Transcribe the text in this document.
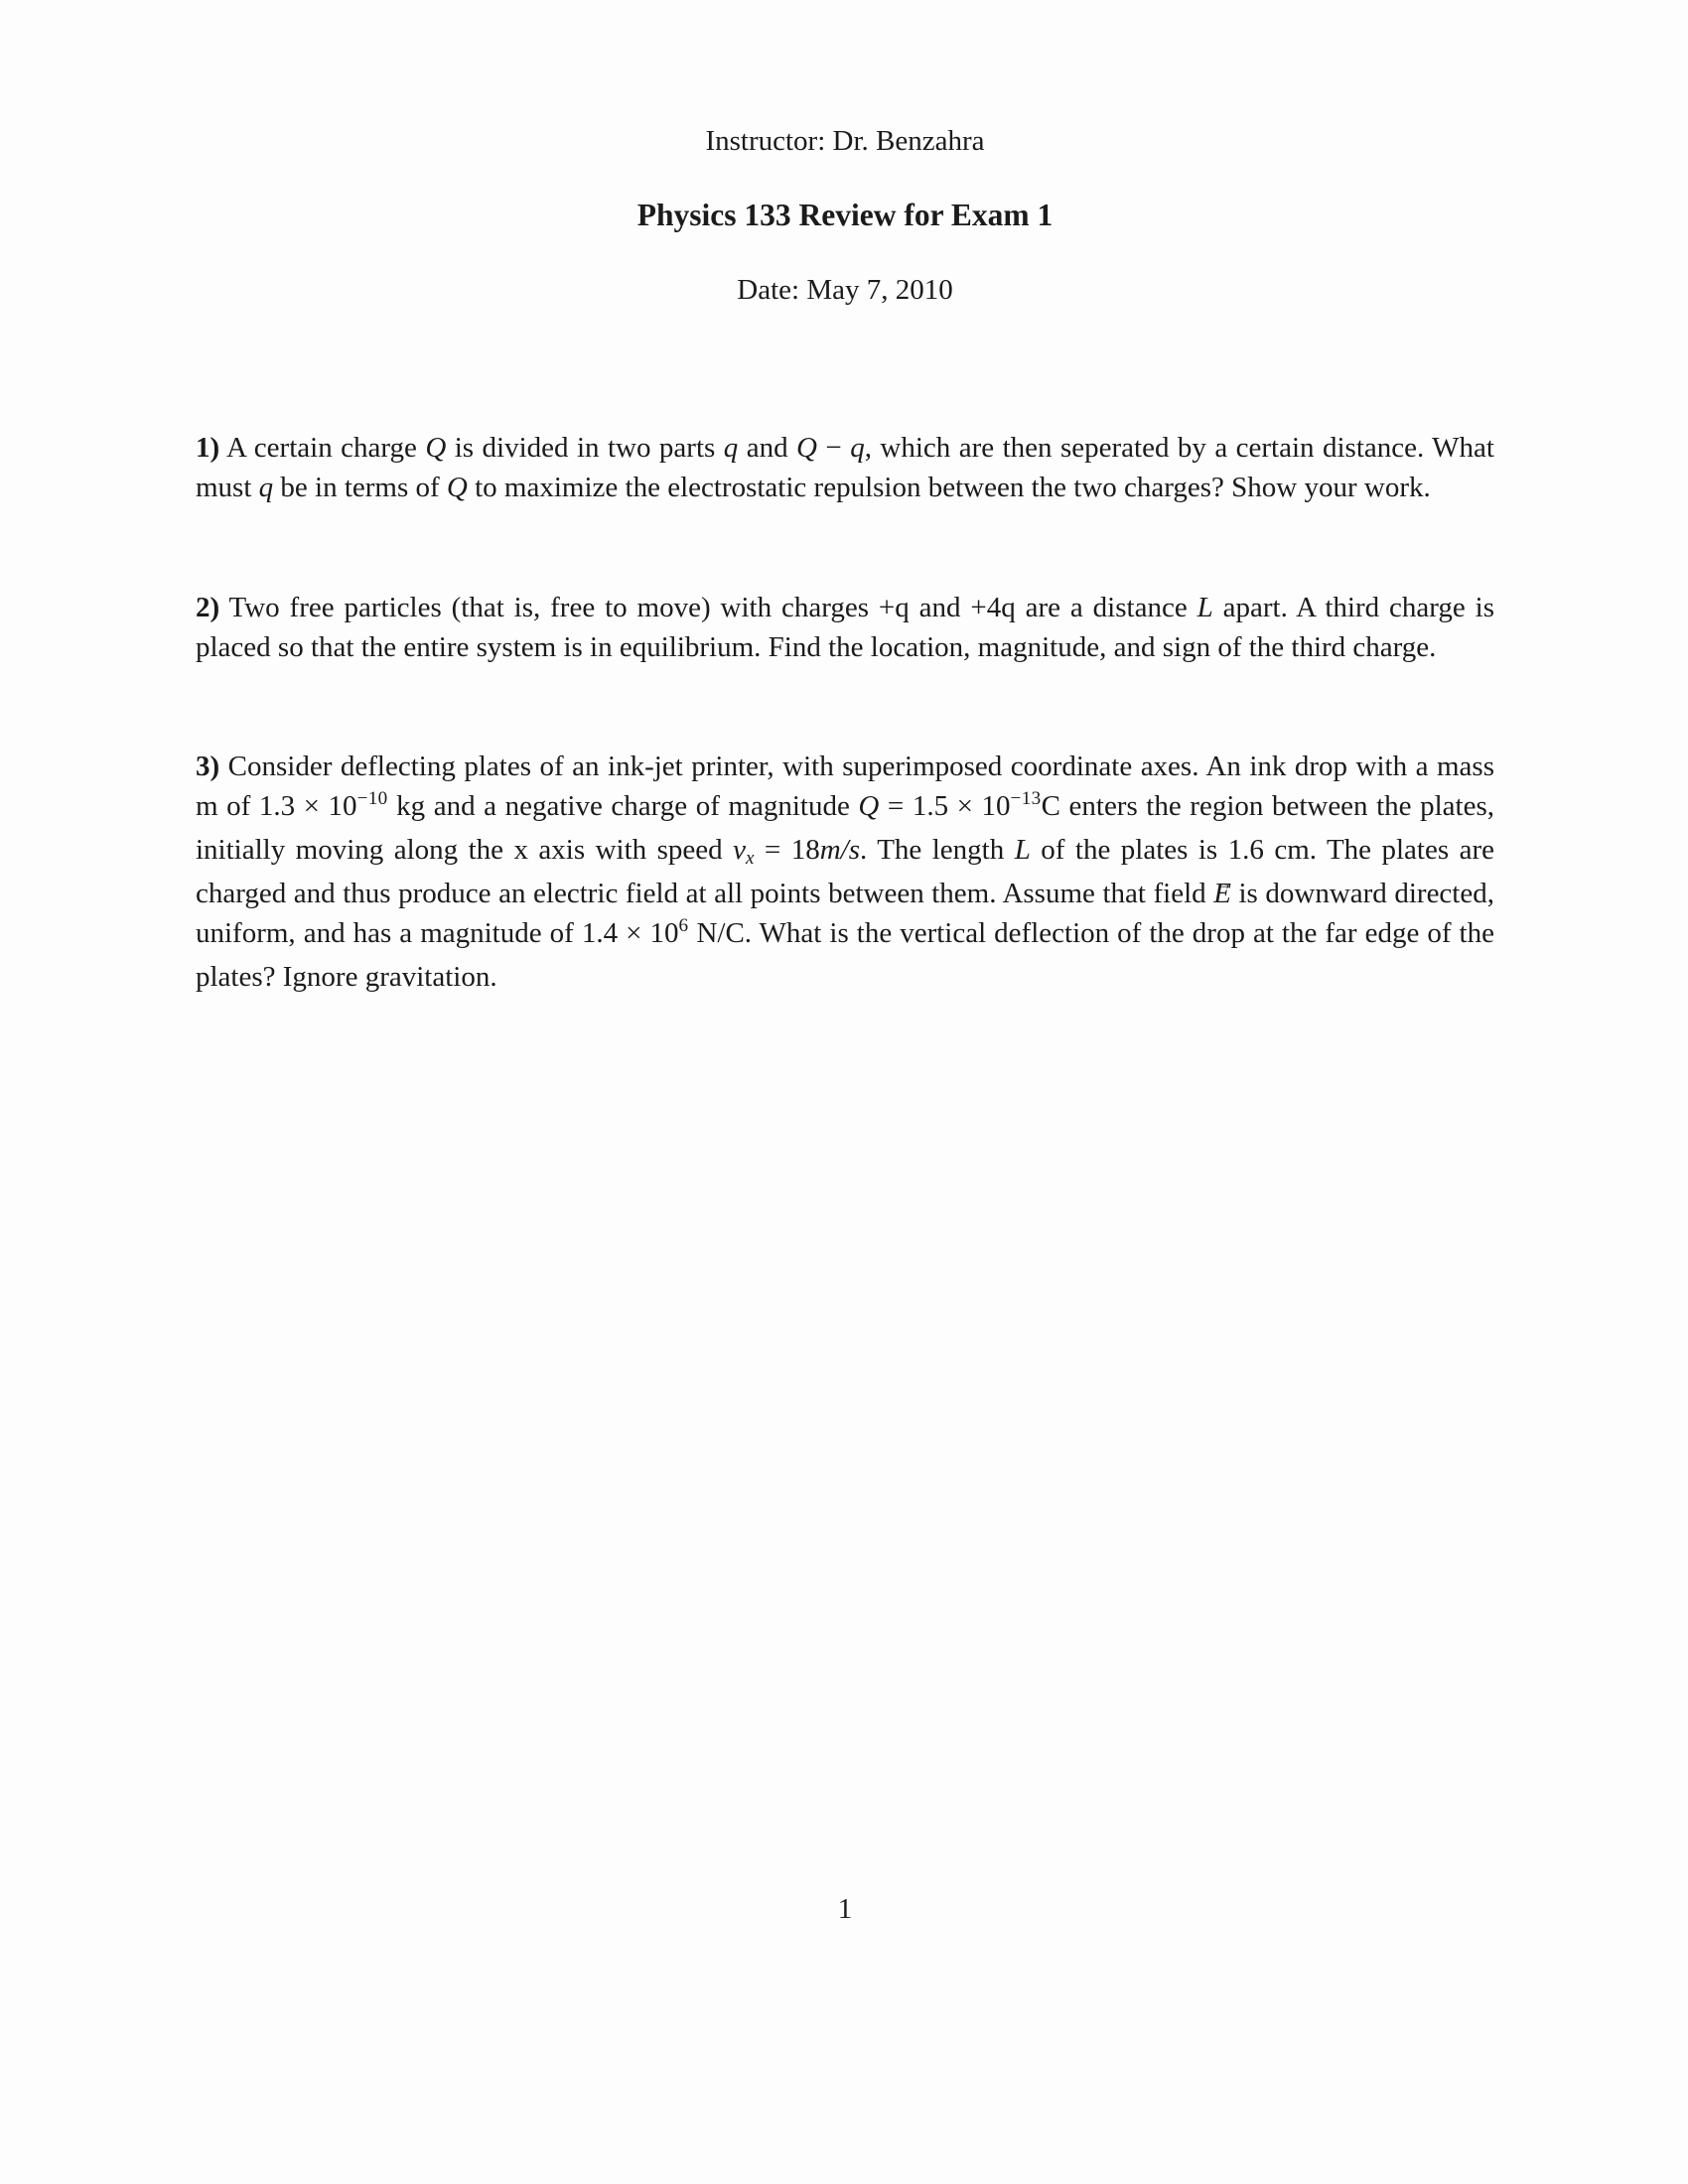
Instructor: Dr. Benzahra
Physics 133 Review for Exam 1
Date: May 7, 2010
1) A certain charge Q is divided in two parts q and Q − q, which are then seperated by a certain distance. What must q be in terms of Q to maximize the electrostatic repulsion between the two charges? Show your work.
2) Two free particles (that is, free to move) with charges +q and +4q are a distance L apart. A third charge is placed so that the entire system is in equilibrium. Find the location, magnitude, and sign of the third charge.
3) Consider deflecting plates of an ink-jet printer, with superimposed coordinate axes. An ink drop with a mass m of $1.3 \times 10^{-10}$ kg and a negative charge of magnitude $Q = 1.5 \times 10^{-13}C$ enters the region between the plates, initially moving along the x axis with speed vx = 18m/s. The length L of the plates is 1.6 cm. The plates are charged and thus produce an electric field at all points between them. Assume that field → E is downward directed, uniform, and has a magnitude of $1.4 \times 10^6$ N/C. What is the vertical deflection of the drop at the far edge of the plates? Ignore gravitation.
1
